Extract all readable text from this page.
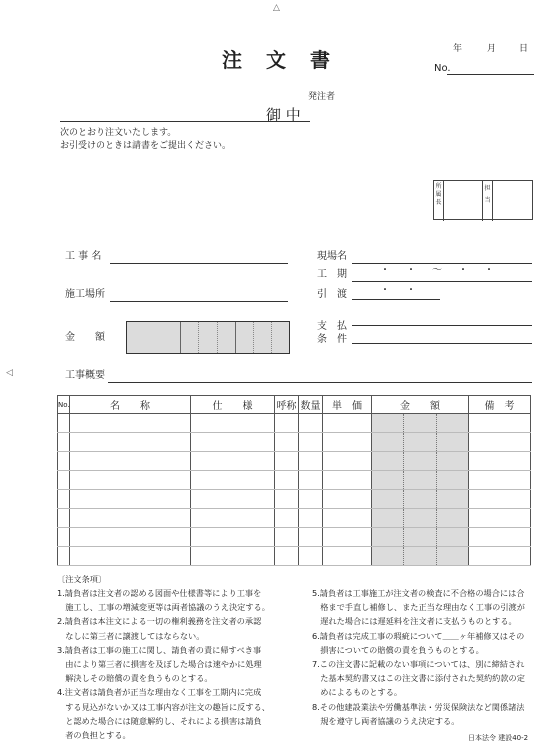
△
◁
注　文　書	年	月	日
No.
発注者
御 中
次のとおり注文いたします。
お引受けのときは請書をご提出ください。
所属長
担当
工 事 名	現場名
工　期	・　・　〜　・　・
施工場所	引　渡	・　・
金　　額
支　払
条　件
工事概要
No.	名　　称	仕　　様	呼称	数量	単　価	金　　額	備　考

〔注文条項〕

1.請負者は注文者の認める図面や仕様書等により工事を

　施工し、工事の増減変更等は両者協議のうえ決定する。

2.請負者は本注文による一切の権利義務を注文者の承認

　なしに第三者に譲渡してはならない。

3.請負者は工事の施工に関し、請負者の責に帰すべき事

　由により第三者に損害を及ぼした場合は速やかに処理

　解決しその賠償の責を負うものとする。

4.注文者は請負者が正当な理由なく工事を工期内に完成

　する見込がないか又は工事内容が注文の趣旨に反する、

　と認めた場合には随意解約し、それによる損害は請負

　者の負担とする。

5.請負者は工事施工が注文者の検査に不合格の場合には合

　格まで手直し補修し、また正当な理由なく工事の引渡が

　遅れた場合には遅延料を注文者に支払うものとする。

6.請負者は完成工事の瑕疵について＿＿ヶ年補修又はその

　損害についての賠償の責を負うものとする。

7.この注文書に記載のない事項については、別に締結され

　た基本契約書又はこの注文書に添付された契約約款の定

　めによるものとする。

8.その他建設業法や労働基準法・労災保険法など関係諸法

　規を遵守し両者協議のうえ決定する。

日本法令 建設40-2
